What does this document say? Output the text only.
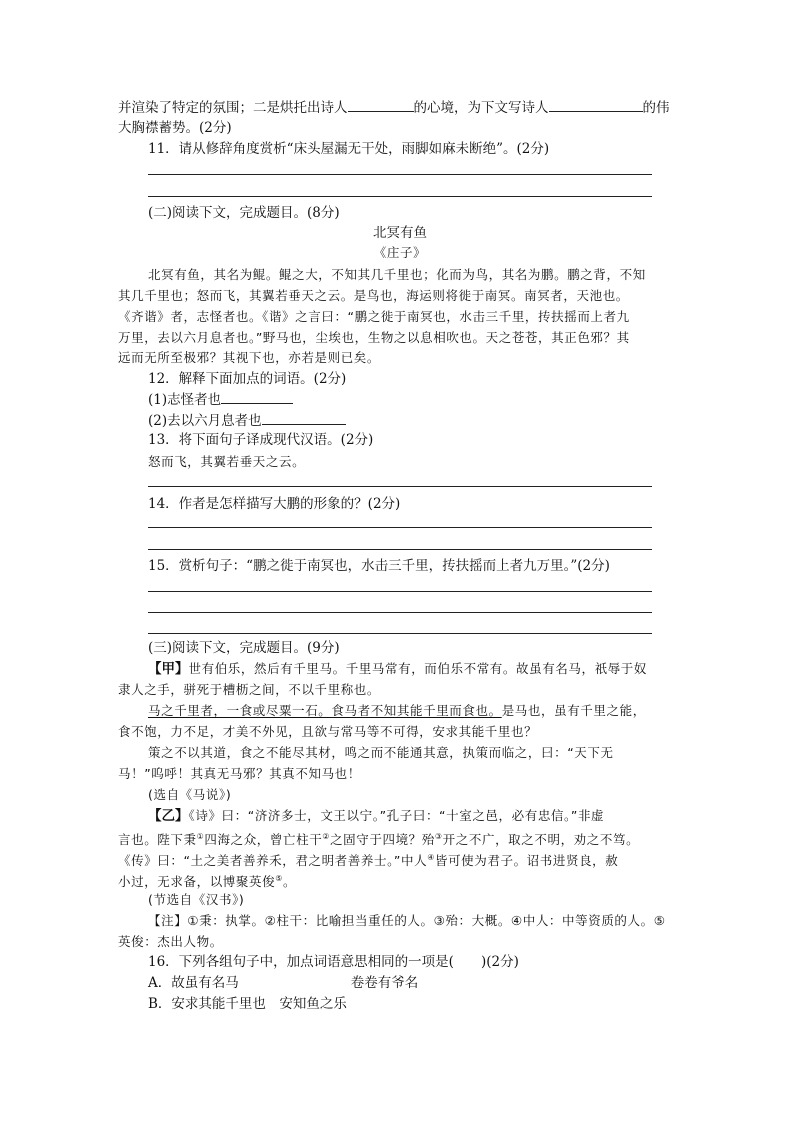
并渲染了特定的氛围；二是烘托出诗人	的心境，为下文写诗人	的伟
大胸襟蓄势。(2分)
11．请从修辞角度赏析“床头屋漏无干处，雨脚如麻未断绝”。(2分)
(二)阅读下文，完成题目。(8分)
北冥有鱼
《庄子》
北冥有鱼，其名为鲲。鲲之大，不知其几千里也；化而为鸟，其名为鹏。鹏之背，不知
其几千里也；怒而飞，其翼若垂天之云。是鸟也，海运则将徙于南冥。南冥者，天池也。
《齐谐》者，志怪者也。《谐》之言曰：“鹏之徙于南冥也，水击三千里，抟扶摇而上者九
万里，去以六月息者也。”野马也，尘埃也，生物之以息相吹也。天之苍苍，其正色邪？其
远而无所至极邪？其视下也，亦若是则已矣。
12．解释下面加点的词语。(2分)
(1)志怪者也
(2)去以六月息者也
13．将下面句子译成现代汉语。(2分)
怒而飞，其翼若垂天之云。
14．作者是怎样描写大鹏的形象的？(2分)
15．赏析句子：“鹏之徙于南冥也，水击三千里，抟扶摇而上者九万里。”(2分)
(三)阅读下文，完成题目。(9分)
【甲】世有伯乐，然后有千里马。千里马常有，而伯乐不常有。故虽有名马，祇辱于奴
隶人之手，骈死于槽枥之间，不以千里称也。
马之千里者，一食或尽粟一石。食马者不知其能千里而食也。是马也，虽有千里之能，
食不饱，力不足，才美不外见，且欲与常马等不可得，安求其能千里也？
策之不以其道，食之不能尽其材，鸣之而不能通其意，执策而临之，曰：“天下无
马！”呜呼！其真无马邪？其真不知马也！
(选自《马说》)
【乙】《诗》曰：“济济多士，文王以宁。”孔子曰：“十室之邑，必有忠信。”非虚
言也。陛下秉①四海之众，曾亡柱干②之固守于四境？殆③开之不广，取之不明，劝之不笃。
《传》曰：“土之美者善养禾，君之明者善养士。”中人④皆可使为君子。诏书进贤良，赦
小过，无求备，以博聚英俊⑤。
(节选自《汉书》)
【注】①秉：执掌。②柱干：比喻担当重任的人。③殆：大概。④中人：中等资质的人。⑤
英俊：杰出人物。
16．下列各组句子中，加点词语意思相同的一项是(　　)(2分)
A．故虽有名马	卷卷有爷名
B．安求其能千里也　安知鱼之乐
